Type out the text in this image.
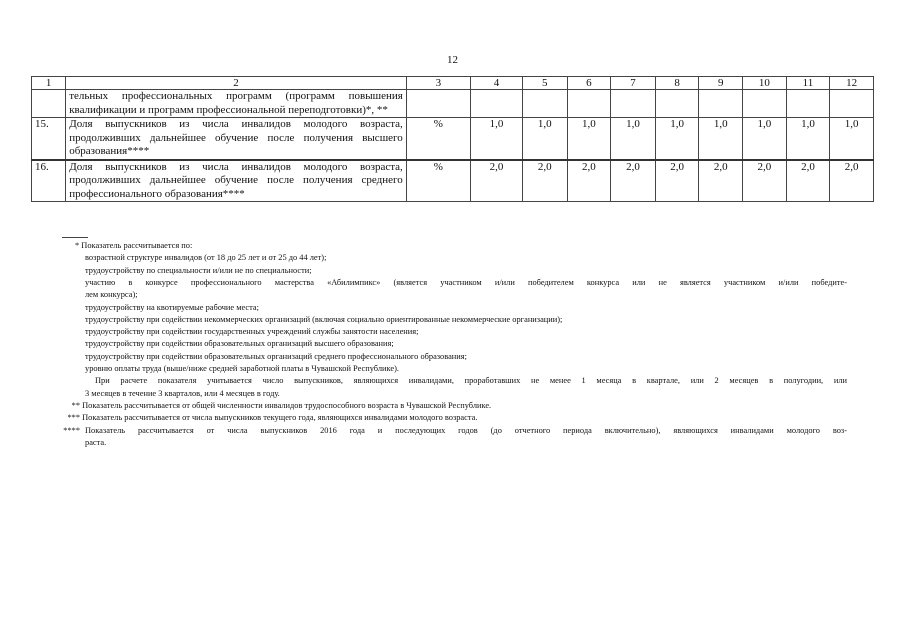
12
1	2	3	4	5	6	7	8	9	10	11	12
	тельных профессиональных программ (программ повышения квалификации и программ профессиональной переподготовки)*, **										
15.	Доля выпускников из числа инвалидов молодого возраста, продолживших дальнейшее обучение после получения высшего образования****	%	1,0	1,0	1,0	1,0	1,0	1,0	1,0	1,0	1,0
16.	Доля выпускников из числа инвалидов молодого возраста, продолживших дальнейшее обучение после получения среднего профессионального образования****	%	2,0	2,0	2,0	2,0	2,0	2,0	2,0	2,0	2,0
* Показатель рассчитывается по:
возрастной структуре инвалидов (от 18 до 25 лет и от 25 до 44 лет);
трудоустройству по специальности и/или не по специальности;
участию в конкурсе профессионального мастерства «Абилимпикс» (является участником и/или победителем конкурса или не является участником и/или победите-
лем конкурса);
трудоустройству на квотируемые рабочие места;
трудоустройству при содействии некоммерческих организаций (включая социально ориентированные некоммерческие организации);
трудоустройству при содействии государственных учреждений службы занятости населения;
трудоустройству при содействии образовательных организаций высшего образования;
трудоустройству при содействии образовательных организаций среднего профессионального образования;
уровню оплаты труда (выше/ниже средней заработной платы в Чувашской Республике).
При расчете показателя учитывается число выпускников, являющихся инвалидами, проработавших не менее 1 месяца в квартале, или 2 месяцев в полугодии, или
3 месяцев в течение 3 кварталов, или 4 месяцев в году.
** Показатель рассчитывается от общей численности инвалидов трудоспособного возраста в Чувашской Республике.
*** Показатель рассчитывается от числа выпускников текущего года, являющихся инвалидами молодого возраста.
**** Показатель рассчитывается от числа выпускников 2016 года и последующих годов (до отчетного периода включительно), являющихся инвалидами молодого воз-
раста.
